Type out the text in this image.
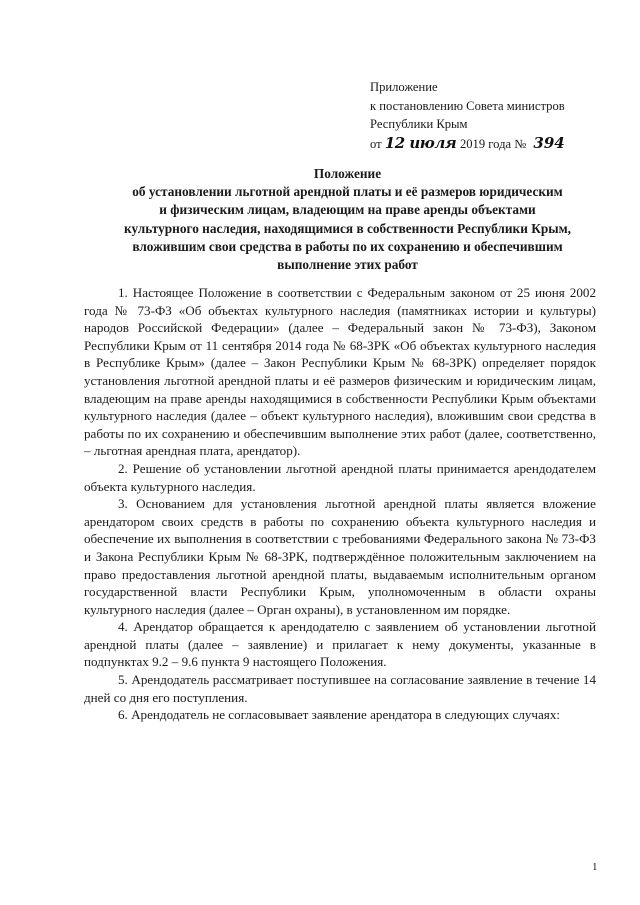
Приложение
к постановлению Совета министров
Республики Крым
от 12 июля 2019 года № 394
Положение
об установлении льготной арендной платы и её размеров юридическим
и физическим лицам, владеющим на праве аренды объектами
культурного наследия, находящимися в собственности Республики Крым,
вложившим свои средства в работы по их сохранению и обеспечившим
выполнение этих работ

1. Настоящее Положение в соответствии с Федеральным законом от 25 июня 2002 года № 73-ФЗ «Об объектах культурного наследия (памятниках истории и культуры) народов Российской Федерации» (далее – Федеральный закон № 73-ФЗ), Законом Республики Крым от 11 сентября 2014 года № 68-ЗРК «Об объектах культурного наследия в Республике Крым» (далее – Закон Республики Крым № 68-ЗРК) определяет порядок установления льготной арендной платы и её размеров физическим и юридическим лицам, владеющим на праве аренды находящимися в собственности Республики Крым объектами культурного наследия (далее – объект культурного наследия), вложившим свои средства в работы по их сохранению и обеспечившим выполнение этих работ (далее, соответственно, – льготная арендная плата, арендатор).

2. Решение об установлении льготной арендной платы принимается арендодателем объекта культурного наследия.

3. Основанием для установления льготной арендной платы является вложение арендатором своих средств в работы по сохранению объекта культурного наследия и обеспечение их выполнения в соответствии с требованиями Федерального закона № 73-ФЗ и Закона Республики Крым № 68-ЗРК, подтверждённое положительным заключением на право предоставления льготной арендной платы, выдаваемым исполнительным органом государственной власти Республики Крым, уполномоченным в области охраны культурного наследия (далее – Орган охраны), в установленном им порядке.

4. Арендатор обращается к арендодателю с заявлением об установлении льготной арендной платы (далее – заявление) и прилагает к нему документы, указанные в подпунктах 9.2 – 9.6 пункта 9 настоящего Положения.

5. Арендодатель рассматривает поступившее на согласование заявление в течение 14 дней со дня его поступления.

6. Арендодатель не согласовывает заявление арендатора в следующих случаях:

1
